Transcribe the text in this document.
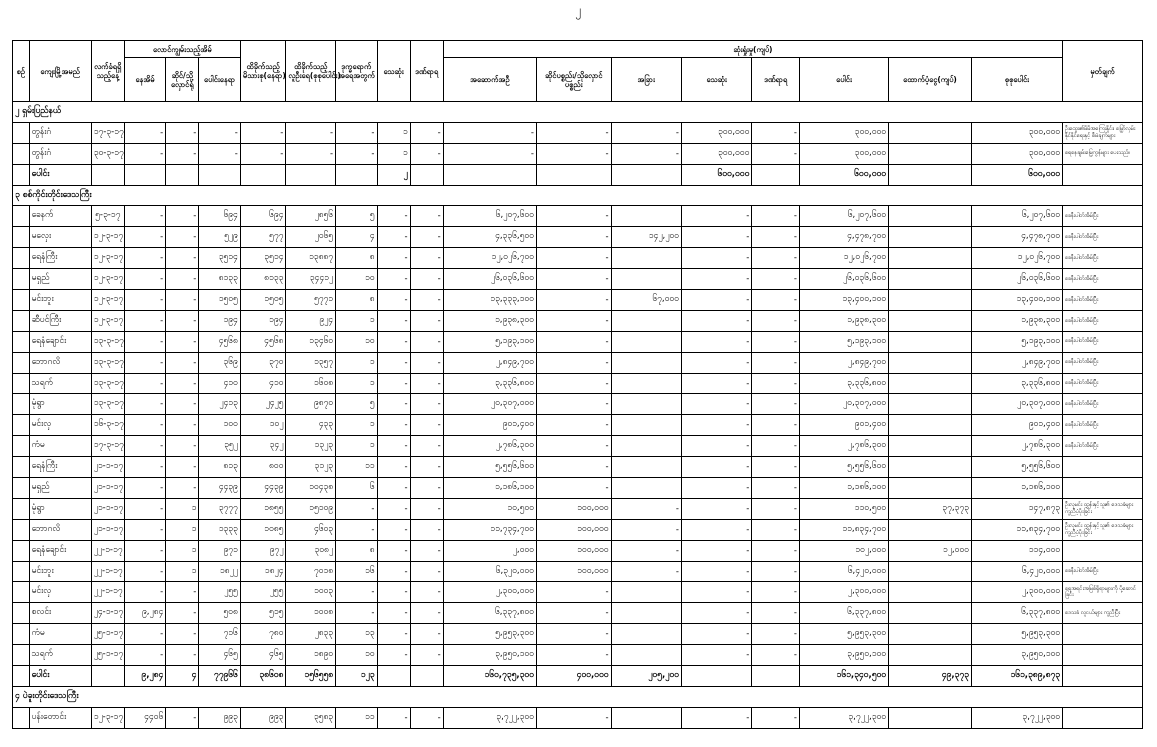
၂
စဉ်	ကျေးမြို့အမည်	လက်ခံရရှိသည့်နေ့	လောင်ကျွမ်းသည့်အိမ်			ထိခိုက်သည့်မိသားစု(နေရာ)	ထိခိုက်သည့်လူဦးရေ(စုစုပေါင်း)	ဒုက္ခရောက်အရေအတွက်	သေဆုံး	ဒဏ်ရာရ	ဆုံးရှုံးမှု(ကျပ်)								မှတ်ချက်
			နေအိမ်	ဆိုင်/သို့လှောင်ရုံ	ပေါင်းနေရာ						အဆောက်အဦ	ဆိုင်ပစ္စည်း/သိုလှောင်ပစ္စည်း	အခြား	သေဆုံး	ဒဏ်ရာရ	ပေါင်း	ထောက်ပံ့ငွေ(ကျပ်)	စုစုပေါင်း	
၂ ရှမ်းပြည်နယ်																			
	တွန်းဂံ	၁၇-၃-၁၇	-	-	-	-	-	-	၁	-	-	-	-	၃၀၀,၀၀၀	-	၃၀၀,၀၀၀		၃၀၀,၀၀၀	ဦးထွေး၏မိမိအကြေးနှိုင်း၊ မြှော်လှမ်းနိုင်နိုင်ရေးနှင့် စီမံချက်များ
	တွန်းဂံ	၃၀-၃-၁၇	-	-	-	-	-	-	၁	-	-	-	-	၃၀၀,၀၀၀	-	၃၀၀,၀၀၀		၃၀၀,၀၀၀	ရေနေချမ်းမြေ့ကွန်များ ပေးသည်။
	ပေါင်း								၂					၆၀၀,၀၀၀		၆၀၀,၀၀၀		၆၀၀,၀၀၀	
၃ စစ်ကိုင်းတိုင်းဒေသကြီး																			
	ခေနက်	၅-၃-၁၇	-	-	၆၉၄	၆၉၄	၂၈၅၆	၅	-	-	၆,၂၀၇,၆၀၀	-		-	-	၆,၂၀၇,၆၀၀		၆,၂၀၇,၆၀၀	ခေနီးပါတ်အိမ်ပြီး
	မလှေး	၁၂-၃-၁၇	-	-	၅၂၉	၅၇၇	၂၀၆၅	၄	-	-	၄,၃၃၆,၅၀၀	-	၁၄၂,၂၀၀	-	-	၄,၄၇၈,၇၀၀		၄,၄၇၈,၇၀၀	ခေနီးပါတ်အိမ်ပြီး
	ရေနံကြီး	၁၂-၃-၁၇	-	-	၃၅၁၄	၃၅၁၄	၁၃၈၈၇	၈	-	-	၁၂,၀၂၆,၇၀၀	-		-	-	၁၂,၀၂၆,၇၀၀		၁၂,၀၂၆,၇၀၀	ခေနီးပါတ်အိမ်ပြီး
	မရှည်	၁၂-၃-၁၇	-	-	၈၁၃၃	၈၁၃၃	၃၄၄၁၂	၁၀	-	-	၂၆,၀၃၆,၆၀၀	-		-	-	၂၆,၀၃၆,၆၀၀		၂၆,၀၃၆,၆၀၀	ခေနီးပါတ်အိမ်ပြီး
	မင်းဘူး	၁၂-၃-၁၇	-	-	၁၅၀၅	၁၅၀၅	၅၇၇၁	၈	-	-	၁၃,၃၃၃,၁၀၀	-	၆၇,၀၀၀	-	-	၁၃,၄၀၀,၁၀၀		၁၃,၄၀၀,၁၀၀	ခေနီးပါတ်အိမ်ပြီး
	ဆီပင်ကြီး	၁၂-၃-၁၇	-	-	၁၉၄	၁၉၄	၉၂၄	၁	-	-	၁,၉၃၈,၃၀၀	-		-	-	၁,၉၃၈,၃၀၀		၁,၉၃၈,၃၀၀	ခေနီးပါတ်အိမ်ပြီး
	ရေနံချောင်း	၁၃-၃-၁၇	-	-	၄၅၆၈	၄၅၆၈	၁၃၄၆၀	၁၀	-	-	၅,၁၉၃,၁၀၀	-		-	-	၅,၁၉၃,၁၀၀		၅,၁၉၃,၁၀၀	ခေနီးပါတ်အိမ်ပြီး
	ဘောဂလိ	၁၃-၃-၁၇	-	-	၃၆၉	၃၇၀	၁၃၅၇	၁	-	-	၂,၈၄၉,၇၀၀	-		-	-	၂,၈၄၉,၇၀၀		၂,၈၄၉,၇၀၀	ခေနီးပါတ်အိမ်ပြီး
	သရက်	၁၃-၃-၁၇	-	-	၄၁၀	၄၁၀	၁၆၀၈	၁	-	-	၃,၃၃၆,၈၀၀	-		-	-	၃,၃၃၆,၈၀၀		၃,၃၃၆,၈၀၀	ခေနီးပါတ်အိမ်ပြီး
	မုံရွာ	၁၃-၃-၁၇	-	-	၂၄၁၃	၂၄၂၅	၉၈၇၀	၅	-	-	၂၀,၃၀၇,၀၀၀	-		-	-	၂၀,၃၀၇,၀၀၀		၂၀,၃၀၇,၀၀၀	ခေနီးပါတ်အိမ်ပြီး
	မင်းလှ	၁၆-၃-၁၇	-	-	၁၀၀	၁၀၂	၄၃၃	၁	-	-	၉၀၁,၄၀၀	-		-	-	၉၀၁,၄၀၀		၉၀၁,၄၀၀	ခေနီးပါတ်အိမ်ပြီး
	ကံမ	၁၇-၃-၁၇	-	-	၃၅၂	၃၄၂	၁၃၂၃	၁	-	-	၂,၇၈၆,၃၀၀	-		-	-	၂,၇၈၆,၃၀၀		၂,၇၈၆,၃၀၀	ခေနီးပါတ်အိမ်ပြီး
	ရေနံကြီး	၂၁-၁-၁၇	-	-	၈၁၃	၈၀၀	၃၁၂၃	၁၁	-	-	၅,၅၅၆,၆၀၀	-		-	-	၅,၅၅၆,၆၀၀		၅,၅၅၆,၆၀၀	
	မရှည်	၂၁-၁-၁၇	-	-	၄၄၃၉	၄၄၃၉	၁၀၄၃၈	၆	-	-	၁,၁၈၆,၁၀၀	-		-	-	၁,၁၈၆,၁၀၀		၁,၁၈၆,၁၀၀	
	မုံရွာ	၂၁-၁-၁၇	-	၁	၃၇၇၇	၁၈၅၅	၁၅၁၀၉	-	-	-	၁၀,၅၀၀	၁၀၀,၀၀၀	-	-	-	၁၁၀,၅၀၀	၃၇,၃၇၃	၁၄၇,၈၇၃	ဦးလှမင်း ထွန်းနှင့်သူ၏ ဒေသခံများ ကူညီပံ့ပိုးခြင်း
	ဘောဂလိ	၂၁-၁-၁၇	-	၁	၁၃၃၃	၁၀၈၅	၄၆၀၃	-	-	-	၁၁,၇၃၄,၇၀၀	၁၀၀,၀၀၀	-	-	-	၁၁,၈၃၄,၇၀၀		၁၁,၈၃၄,၇၀၀	ဦးလှမင်း ထွန်းနှင့်သူ၏ ဒေသခံများ ကူညီပံ့ပိုးခြင်း
	ရေနံချောင်း	၂၂-၁-၁၇	-	၁	၉၇၁	၉၇၂	၃၀၈၂	၈	-	-	၂,၀၀၀	၁၀၀,၀၀၀	-	-	-	၁၀၂,၀၀၀	၁၂,၀၀၀	၁၁၄,၀၀၀	
	မင်းဘူး	၂၂-၁-၁၇	-	၁	၁၈၂၂	၁၈၂၄	၇၀၁၈	၁၆	-	-	၆,၃၂၀,၀၀၀	၁၀၀,၀၀၀	-	-	-	၆,၄၂၀,၀၀၀		၆,၄၂၀,၀၀၀	ခေနီးပါတ်အိမ်ပြီး
	မင်းလှ	၂၂-၁-၁၇	-	-	၂၅၅	၂၅၅	၁၀၀၃	-	-	-	၂,၃၀၀,၀၀၀	-		-	-	၂,၃၀၀,၀၀၀		၂,၃၀၀,၀၀၀	ရေအရင်းအမြစ်ရှိရာများကို ပို့ဆောင်ခြင်း
	စလင်း	၂၄-၁-၁၇	၉,၂၈၄	-	၅၀၈	၅၁၅	၁၀၀၈	-	-	-	၆,၃၃၇,၈၀၀	-		-	-	၆,၃၃၇,၈၀၀		၆,၃၃၇,၈၀၀	ဒေသခံ လူငယ်များ ကူညီပြီး
	ကံမ	၂၅-၁-၁၇	-	-	၇၁၆	၇၈၀	၂၈၃၃	၁၃	-	-	၅,၉၅၃,၃၀၀	-		-	-	၅,၉၅၃,၃၀၀		၅,၉၅၃,၃၀၀	
	သရက်	၂၅-၁-၁၇	-	-	၄၆၅	၄၆၅	၁၈၉၀	၁၀	-	-	၃,၉၅၀,၁၀၀	-		-	-	၃,၉၅၀,၁၀၀		၃,၉၅၀,၁၀၀	
	ပေါင်း		၉,၂၈၄	၄	၇၇၉၆၆	၃၈၆၀၈	၁၅၆၅၅၈	၁၂၃			၁၆၀,၇၃၅,၃၀၀	၄၀၀,၀၀၀	၂၀၅,၂၀၀			၁၆၁,၃၄၀,၅၀၀	၄၉,၃၇၃	၁၆၁,၃၈၉,၈၇၃	
၄ ပဲခူးတိုင်းဒေသကြီး																			
	ပန်းတောင်း	၁၂-၃-၁၇	၄၄၀၆	-	၉၉၃	၉၉၃	၃၅၈၃	၁၁	-	-	၃,၇၂၂,၃၀၀	-		-	-	၃,၇၂၂,၃၀၀		၃,၇၂၂,၃၀၀	
